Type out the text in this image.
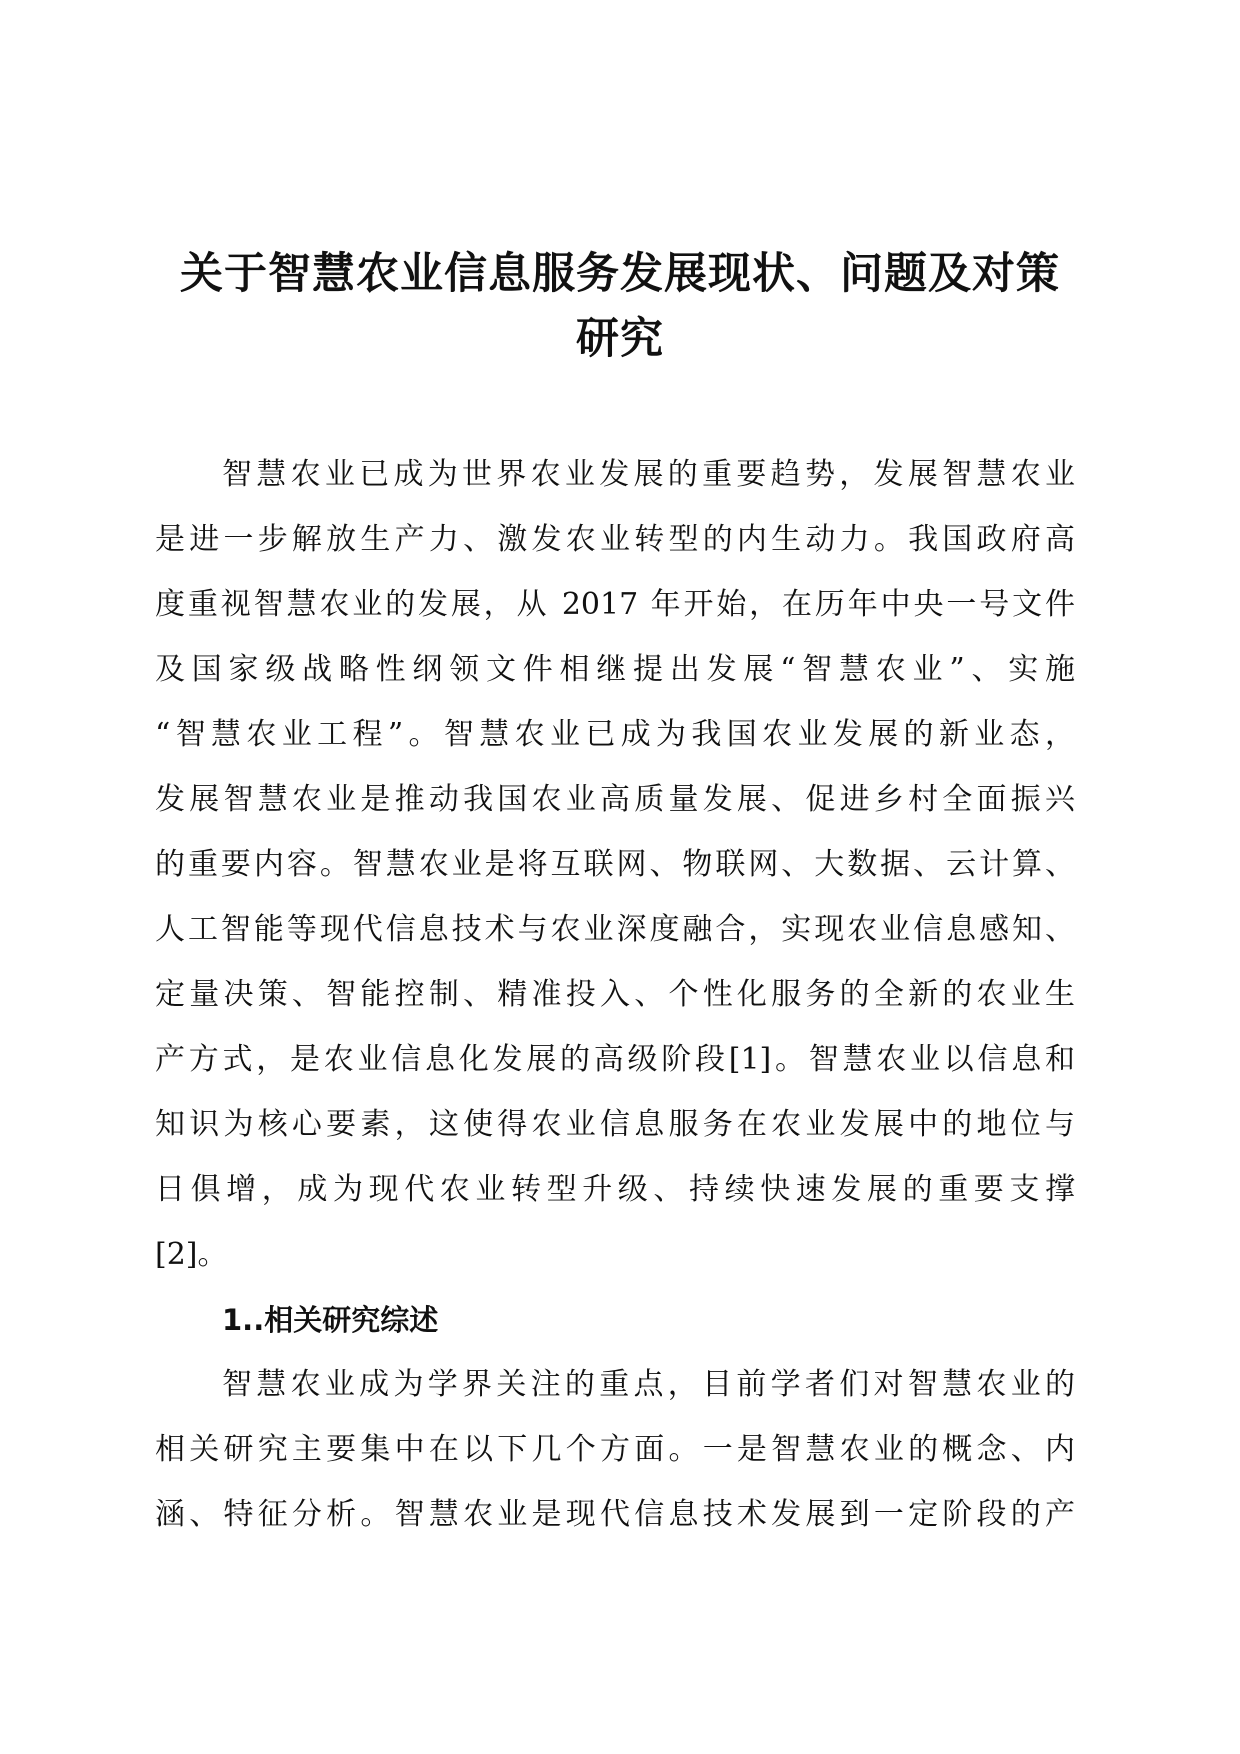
关于智慧农业信息服务发展现状、问题及对策
研究

智慧农业已成为世界农业发展的重要趋势，发展智慧农业

是进一步解放生产力、激发农业转型的内生动力。我国政府高

度重视智慧农业的发展，从 2017 年开始，在历年中央一号文件

及国家级战略性纲领文件相继提出发展“智慧农业”、实施

“智慧农业工程”。智慧农业已成为我国农业发展的新业态，

发展智慧农业是推动我国农业高质量发展、促进乡村全面振兴

的重要内容。智慧农业是将互联网、物联网、大数据、云计算、

人工智能等现代信息技术与农业深度融合，实现农业信息感知、

定量决策、智能控制、精准投入、个性化服务的全新的农业生

产方式，是农业信息化发展的高级阶段[1]。智慧农业以信息和

知识为核心要素，这使得农业信息服务在农业发展中的地位与

日俱增，成为现代农业转型升级、持续快速发展的重要支撑

[2]。

1..相关研究综述

智慧农业成为学界关注的重点，目前学者们对智慧农业的

相关研究主要集中在以下几个方面。一是智慧农业的概念、内

涵、特征分析。智慧农业是现代信息技术发展到一定阶段的产
